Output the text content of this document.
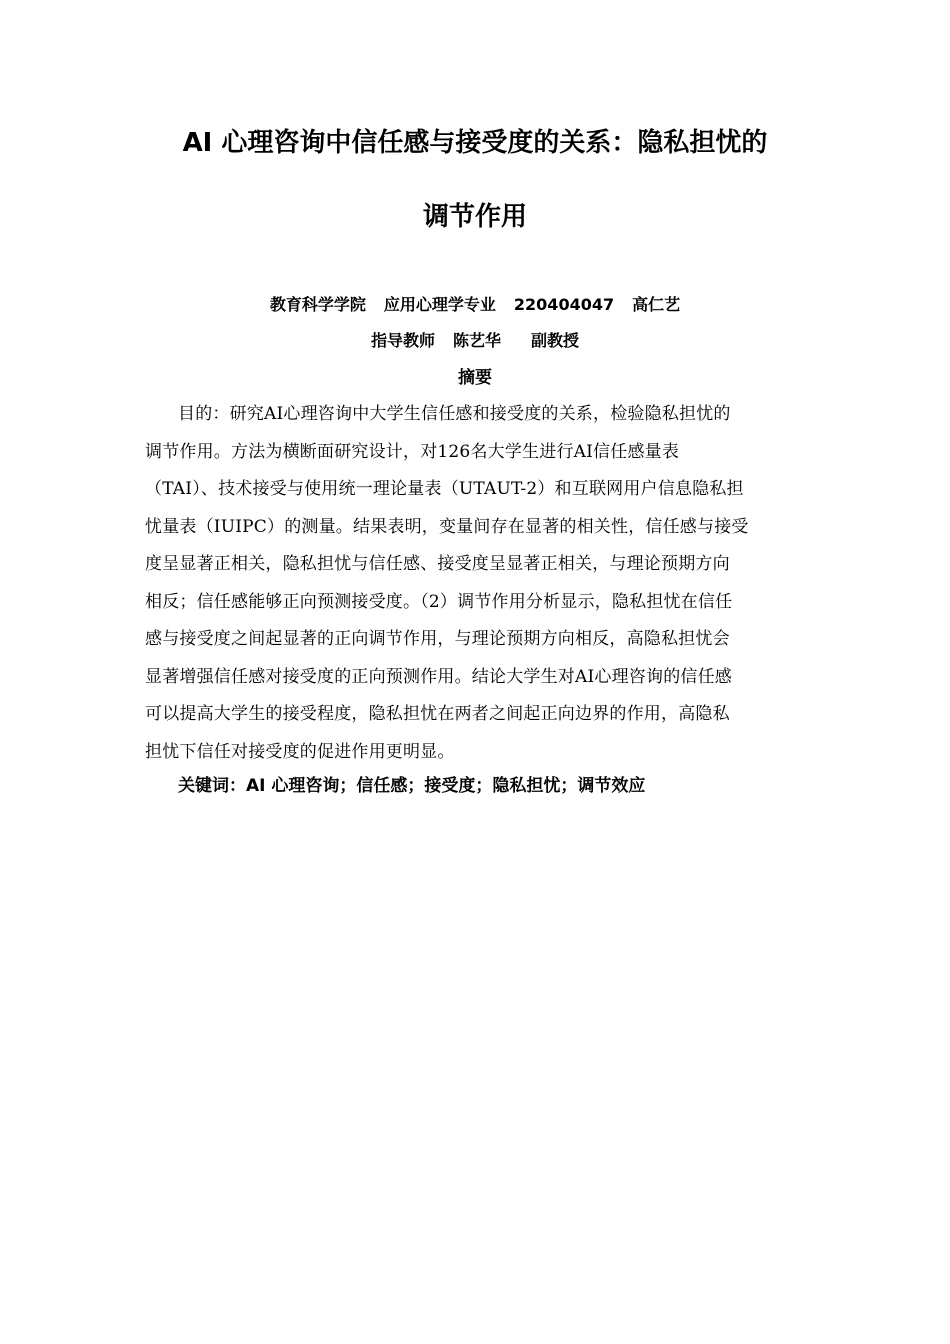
AI 心理咨询中信任感与接受度的关系：隐私担忧的
调节作用
教育科学学院 应用心理学专业 220404047 高仁艺
指导教师 陈艺华 副教授
摘要
目的：研究AI心理咨询中大学生信任感和接受度的关系，检验隐私担忧的
调节作用。方法为横断面研究设计，对126名大学生进行AI信任感量表
（TAI）、技术接受与使用统一理论量表（UTAUT-2）和互联网用户信息隐私担
忧量表（IUIPC）的测量。结果表明，变量间存在显著的相关性，信任感与接受
度呈显著正相关，隐私担忧与信任感、接受度呈显著正相关，与理论预期方向
相反；信任感能够正向预测接受度。（2）调节作用分析显示，隐私担忧在信任
感与接受度之间起显著的正向调节作用，与理论预期方向相反，高隐私担忧会
显著增强信任感对接受度的正向预测作用。结论大学生对AI心理咨询的信任感
可以提高大学生的接受程度，隐私担忧在两者之间起正向边界的作用，高隐私
担忧下信任对接受度的促进作用更明显。
关键词：AI 心理咨询；信任感；接受度；隐私担忧；调节效应
